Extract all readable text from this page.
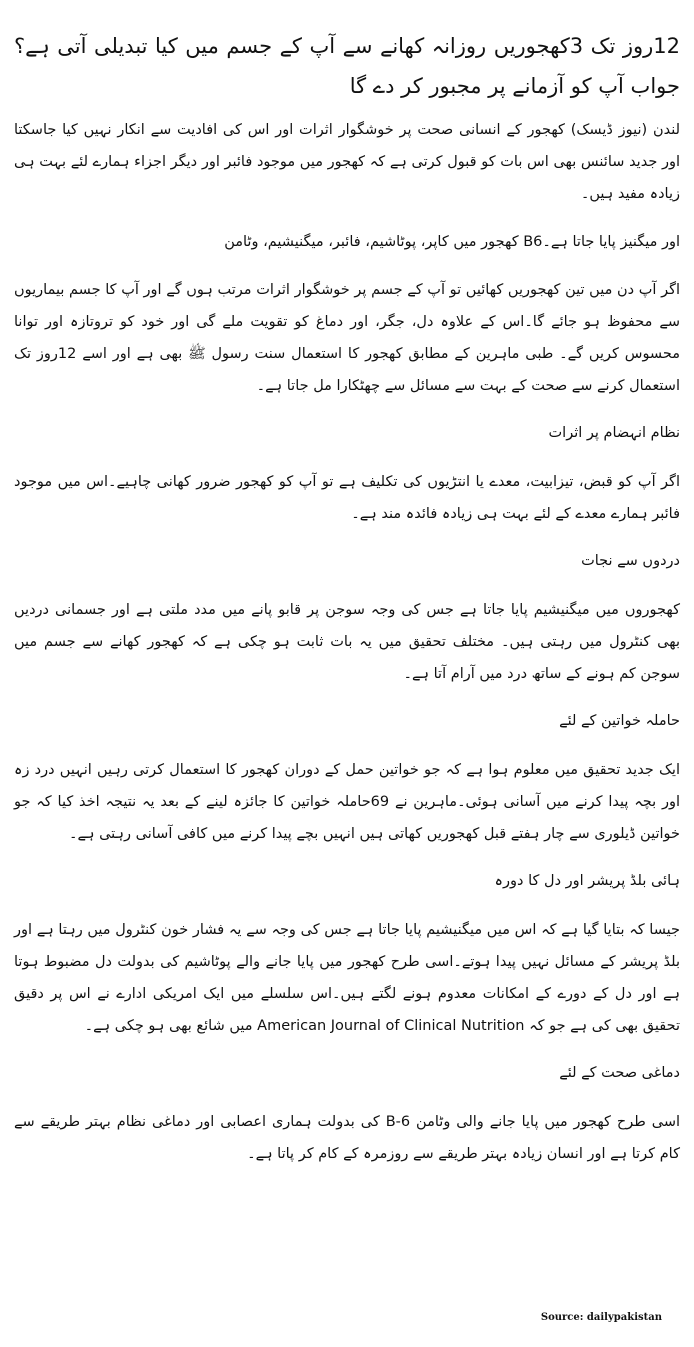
12روز تک 3کھجوریں روزانہ کھانے سے آپ کے جسم میں کیا تبدیلی آتی ہے؟ جواب آپ کو آزمانے پر مجبور کر دے گا
لندن (نیوز ڈیسک) کھجور کے انسانی صحت پر خوشگوار اثرات اور اس کی افادیت سے انکار نہیں کیا جاسکتا اور جدید سائنس بھی اس بات کو قبول کرتی ہے کہ کھجور میں موجود فائبر اور دیگر اجزاء ہمارے لئے بہت ہی زیادہ مفید ہیں۔
اور میگنیز پایا جاتا ہے۔B6 کھجور میں کاپر، پوٹاشیم، فائبر، میگنیشیم، وٹامن
اگر آپ دن میں تین کھجوریں کھائیں تو آپ کے جسم پر خوشگوار اثرات مرتب ہوں گے اور آپ کا جسم بیماریوں سے محفوظ ہو جائے گا۔اس کے علاوہ دل، جگر، اور دماغ کو تقویت ملے گی اور خود کو تروتازہ اور توانا محسوس کریں گے۔ طبی ماہرین کے مطابق کھجور کا استعمال سنت رسول ﷺ بھی ہے اور اسے 12روز تک استعمال کرنے سے صحت کے بہت سے مسائل سے چھٹکارا مل جاتا ہے۔
نظام انہضام پر اثرات
اگر آپ کو قبض، تیزابیت، معدے یا انتڑیوں کی تکلیف ہے تو آپ کو کھجور ضرور کھانی چاہیے۔اس میں موجود فائبر ہمارے معدے کے لئے بہت ہی زیادہ فائدہ مند ہے۔
دردوں سے نجات
کھجوروں میں میگنیشیم پایا جاتا ہے جس کی وجہ سوجن پر قابو پانے میں مدد ملتی ہے اور جسمانی دردیں بھی کنٹرول میں رہتی ہیں۔ مختلف تحقیق میں یہ بات ثابت ہو چکی ہے کہ کھجور کھانے سے جسم میں سوجن کم ہونے کے ساتھ درد میں آرام آتا ہے۔
حاملہ خواتین کے لئے
ایک جدید تحقیق میں معلوم ہوا ہے کہ جو خواتین حمل کے دوران کھجور کا استعمال کرتی رہیں انہیں درد زہ اور بچہ پیدا کرنے میں آسانی ہوئی۔ماہرین نے 69حاملہ خواتین کا جائزہ لینے کے بعد یہ نتیجہ اخذ کیا کہ جو خواتین ڈیلوری سے چار ہفتے قبل کھجوریں کھاتی ہیں انہیں بچے پیدا کرنے میں کافی آسانی رہتی ہے۔
ہائی بلڈ پریشر اور دل کا دورہ
جیسا کہ بتایا گیا ہے کہ اس میں میگنیشیم پایا جاتا ہے جس کی وجہ سے یہ فشار خون کنٹرول میں رہتا ہے اور بلڈ پریشر کے مسائل نہیں پیدا ہوتے۔اسی طرح کھجور میں پایا جانے والے پوٹاشیم کی بدولت دل مضبوط ہوتا ہے اور دل کے دورے کے امکانات معدوم ہونے لگتے ہیں۔اس سلسلے میں ایک امریکی ادارے نے اس پر دقیق تحقیق بھی کی ہے جو کہ American Journal of Clinical Nutrition میں شائع بھی ہو چکی ہے۔
دماغی صحت کے لئے
اسی طرح کھجور میں پایا جانے والی وٹامن B-6 کی بدولت ہماری اعصابی اور دماغی نظام بہتر طریقے سے کام کرتا ہے اور انسان زیادہ بہتر طریقے سے روزمرہ کے کام کر پاتا ہے۔
Source: dailypakistan
